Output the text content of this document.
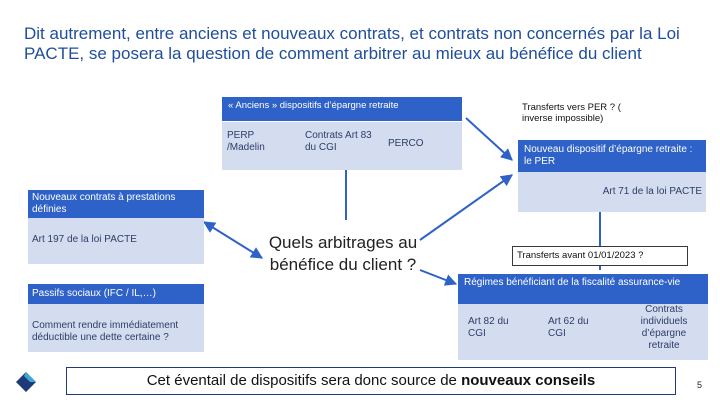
Dit autrement, entre anciens et nouveaux contrats, et contrats non concernés par la Loi PACTE, se posera la question de comment arbitrer au mieux au bénéfice du client
« Anciens » dispositifs d’épargne retraite
PERP /Madelin
Contrats Art 83 du CGI	PERCO
Transferts vers PER ? ( inverse impossible)
Nouveau dispositif d’épargne retraite : le PER
Art 71 de la loi PACTE
Nouveaux contrats à prestations définies
Art 197 de la loi PACTE
Passifs sociaux (IFC / IL,…)
Comment rendre immédiatement déductible une dette certaine ?
Quels arbitrages au bénéfice du client ?	Transferts avant 01/01/2023 ?
Régimes bénéficiant de la fiscalité assurance-vie
Art 82 du CGI
Art 62 du CGI
Contrats individuels d’épargne retraite
Cet éventail de dispositifs sera donc source de nouveaux conseils	5
